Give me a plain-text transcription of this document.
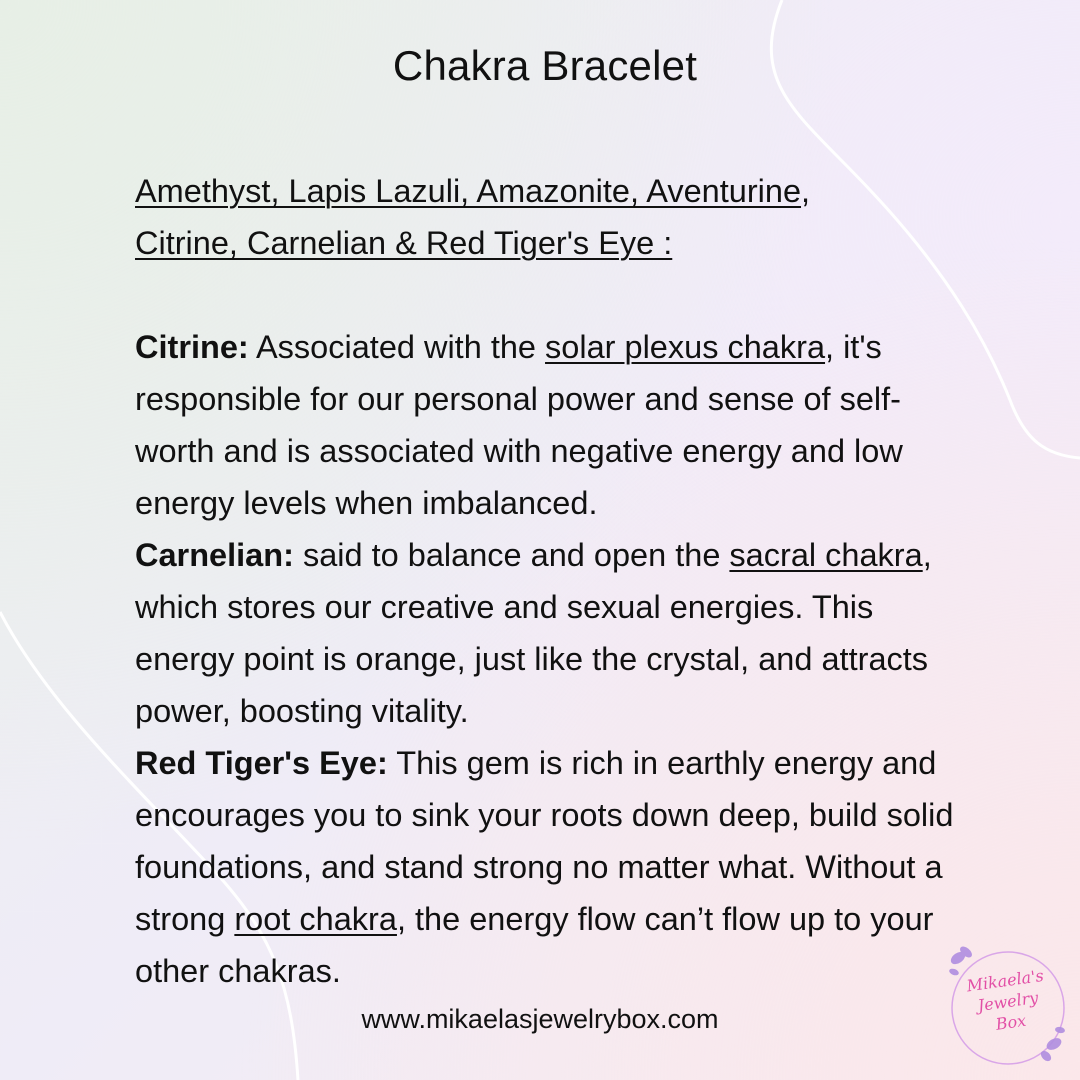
Chakra Bracelet

Amethyst, Lapis Lazuli, Amazonite, Aventurine,
Citrine, Carnelian & Red Tiger's Eye :

Citrine: Associated with the solar plexus chakra, it's responsible for our personal power and sense of self-worth and is associated with negative energy and low energy levels when imbalanced.

Carnelian: said to balance and open the sacral chakra, which stores our creative and sexual energies. This energy point is orange, just like the crystal, and attracts power, boosting vitality.

Red Tiger's Eye: This gem is rich in earthly energy and encourages you to sink your roots down deep, build solid foundations, and stand strong no matter what. Without a strong root chakra, the energy flow can’t flow up to your other chakras.

www.mikaelasjewelrybox.com
Mikaela's
Jewelry
Box
